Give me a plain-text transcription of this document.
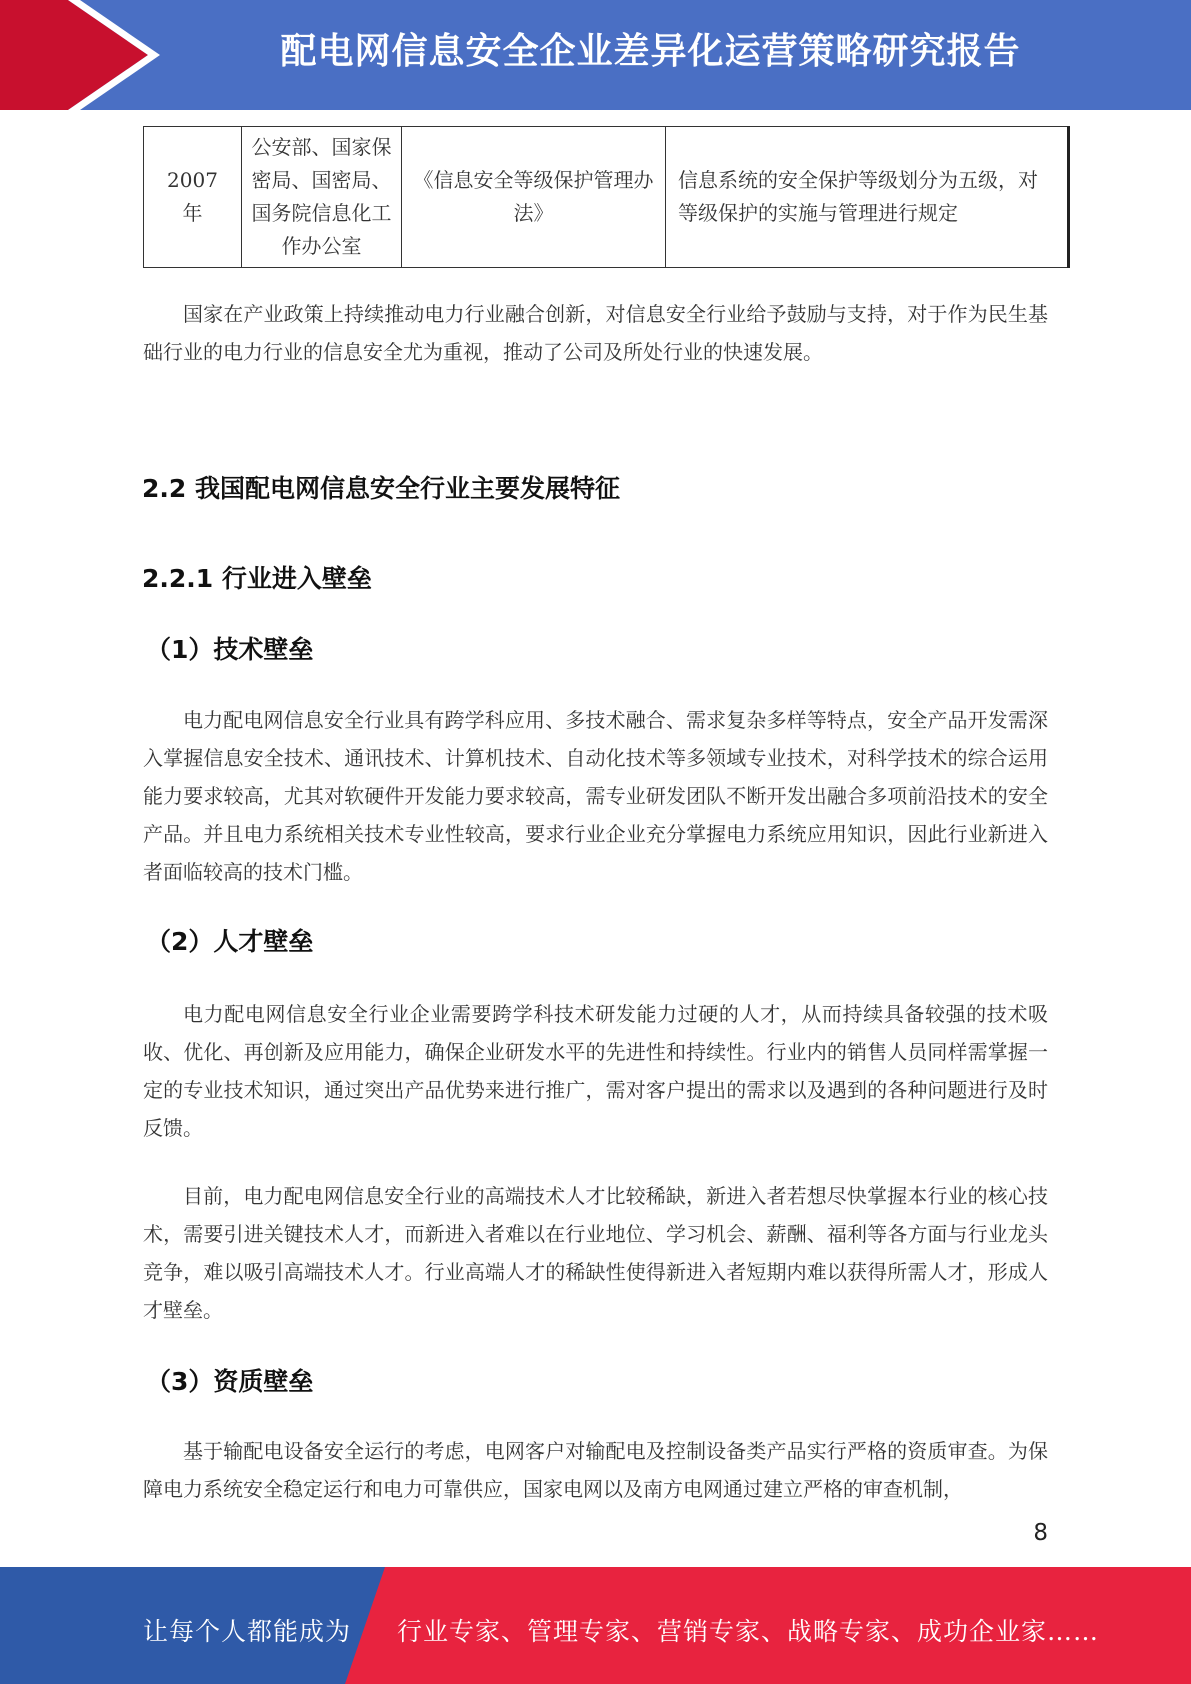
配电网信息安全企业差异化运营策略研究报告
2007 年	公安部、国家保密局、国密局、国务院信息化工作办公室	《信息安全等级保护管理办法》	信息系统的安全保护等级划分为五级，对等级保护的实施与管理进行规定

国家在产业政策上持续推动电力行业融合创新，对信息安全行业给予鼓励与支持，对于作为民生基础行业的电力行业的信息安全尤为重视，推动了公司及所处行业的快速发展。

2.2 我国配电网信息安全行业主要发展特征
2.2.1 行业进入壁垒
（1）技术壁垒

电力配电网信息安全行业具有跨学科应用、多技术融合、需求复杂多样等特点，安全产品开发需深入掌握信息安全技术、通讯技术、计算机技术、自动化技术等多领域专业技术，对科学技术的综合运用能力要求较高，尤其对软硬件开发能力要求较高，需专业研发团队不断开发出融合多项前沿技术的安全产品。并且电力系统相关技术专业性较高，要求行业企业充分掌握电力系统应用知识，因此行业新进入者面临较高的技术门槛。

（2）人才壁垒

电力配电网信息安全行业企业需要跨学科技术研发能力过硬的人才，从而持续具备较强的技术吸收、优化、再创新及应用能力，确保企业研发水平的先进性和持续性。行业内的销售人员同样需掌握一定的专业技术知识，通过突出产品优势来进行推广，需对客户提出的需求以及遇到的各种问题进行及时反馈。

目前，电力配电网信息安全行业的高端技术人才比较稀缺，新进入者若想尽快掌握本行业的核心技术，需要引进关键技术人才，而新进入者难以在行业地位、学习机会、薪酬、福利等各方面与行业龙头竞争，难以吸引高端技术人才。行业高端人才的稀缺性使得新进入者短期内难以获得所需人才，形成人才壁垒。

（3）资质壁垒

基于输配电设备安全运行的考虑，电网客户对输配电及控制设备类产品实行严格的资质审查。为保障电力系统安全稳定运行和电力可靠供应，国家电网以及南方电网通过建立严格的审查机制，

8
让每个人都能成为 行业专家、管理专家、营销专家、战略专家、成功企业家……
